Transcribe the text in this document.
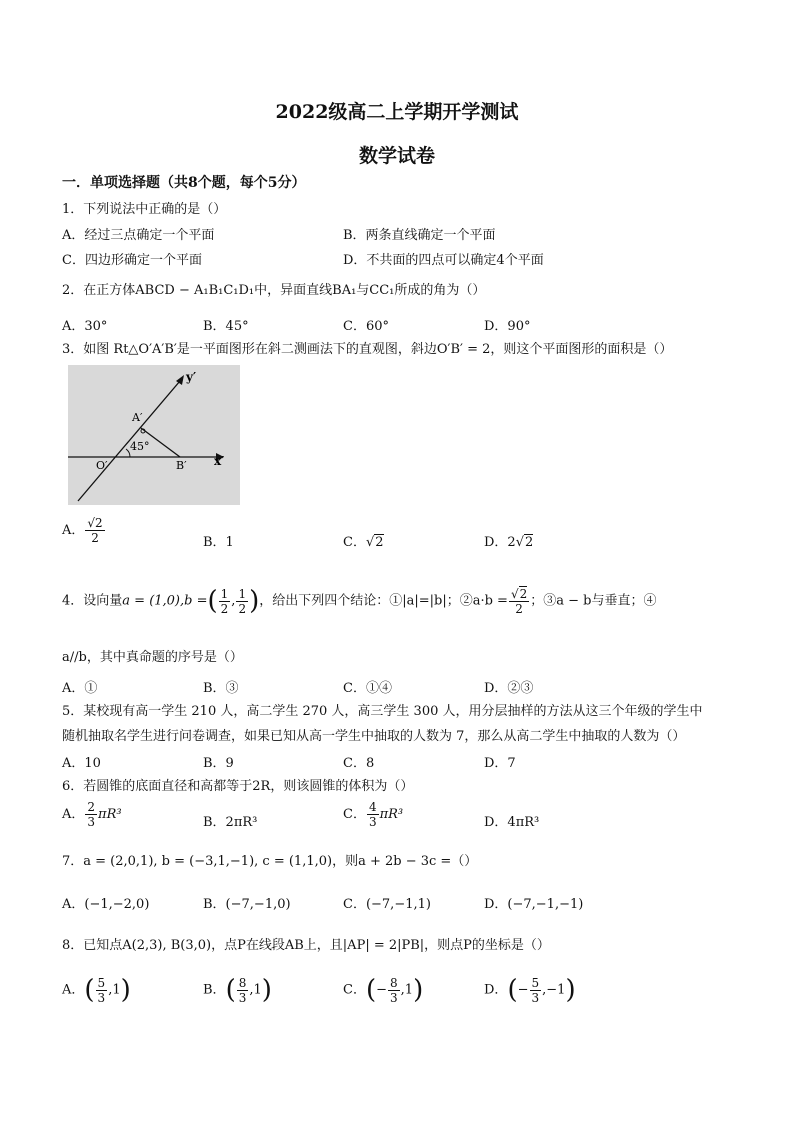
2022级高二上学期开学测试
数学试卷
一．单项选择题（共8个题，每个5分）
1．下列说法中正确的是（）
A．经过三点确定一个平面	B．两条直线确定一个平面
C．四边形确定一个平面	D．不共面的四点可以确定4个平面
2．在正方体ABCD − A₁B₁C₁D₁中，异面直线BA₁与CC₁所成的角为（）
A．30°	B．45°	C．60°	D．90°
3．如图 Rt△O′A′B′是一平面图形在斜二测画法下的直观图，斜边O′B′ = 2，则这个平面图形的面积是（）
y′
x′
A′
O′	B′
45°
A． $\frac{√2}{2}$	B．1	C．√2	D．2√2
4．设向量a = (1,0),b =( $\frac{1}{2}$ , $\frac{1}{2}$ )，给出下列四个结论：①|a|=|b|；②a·b = $\frac{√2}{2}$ ；③a − b与垂直；④
a//b，其中真命题的序号是（）
A．①	B．③	C．①④	D．②③
5．某校现有高一学生 210 人，高二学生 270 人，高三学生 300 人，用分层抽样的方法从这三个年级的学生中
随机抽取名学生进行问卷调查，如果已知从高一学生中抽取的人数为 7，那么从高二学生中抽取的人数为（）
A．10	B．9	C．8	D．7
6．若圆锥的底面直径和高都等于2R，则该圆锥的体积为（）
A． $\frac{2}{3} \pi R^3$
B．2πR³
C． $\frac{4}{3} \pi R^3$
D．4πR³
7．a = (2,0,1), b = (−3,1,−1), c = (1,1,0)，则a + 2b − 3c =（）
A．(−1,−2,0)	B．(−7,−1,0)	C．(−7,−1,1)	D．(−7,−1,−1)
8．已知点A(2,3), B(3,0)，点P在线段AB上，且|AP| = 2|PB|，则点P的坐标是（）
A．( $\frac{5}{3} ,1$)	B．( $\frac{8}{3} ,1$)	C．(− $\frac{8}{3} ,1$)	D．(− $\frac{5}{3} ,-1$)
